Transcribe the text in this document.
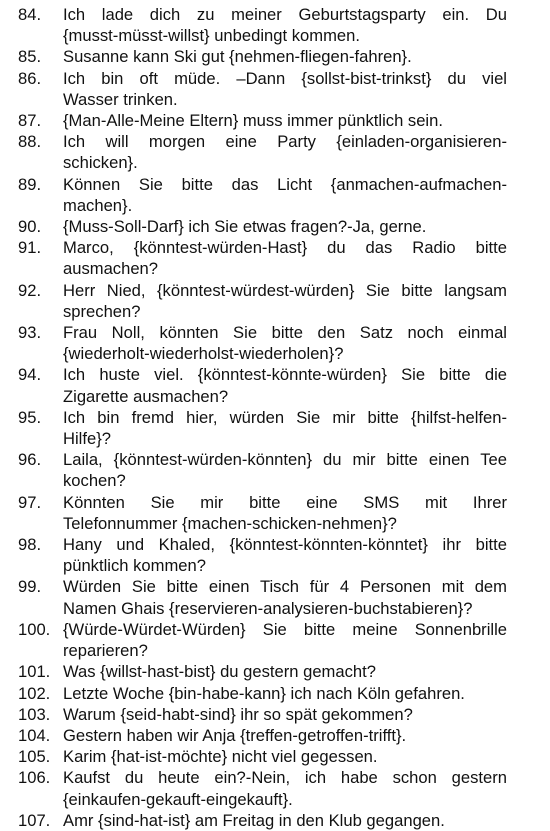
84.	Ich lade dich zu meiner Geburtstagsparty ein. Du
{musst-müsst-willst} unbedingt kommen.
85.	Susanne kann Ski gut {nehmen-fliegen-fahren}.
86.	Ich bin oft müde. –Dann {sollst-bist-trinkst} du viel
Wasser trinken.
87.	{Man-Alle-Meine Eltern} muss immer pünktlich sein.
88.	Ich will morgen eine Party {einladen-organisieren-
schicken}.
89.	Können Sie bitte das Licht {anmachen-aufmachen-
machen}.
90.	{Muss-Soll-Darf} ich Sie etwas fragen?-Ja, gerne.
91.	Marco, {könntest-würden-Hast} du das Radio bitte
ausmachen?
92.	Herr Nied, {könntest-würdest-würden} Sie bitte langsam
sprechen?
93.	Frau Noll, könnten Sie bitte den Satz noch einmal
{wiederholt-wiederholst-wiederholen}?
94.	Ich huste viel. {könntest-könnte-würden} Sie bitte die
Zigarette ausmachen?
95.	Ich bin fremd hier, würden Sie mir bitte {hilfst-helfen-
Hilfe}?
96.	Laila, {könntest-würden-könnten} du mir bitte einen Tee
kochen?
97.	Könnten Sie mir bitte eine SMS mit Ihrer
Telefonnummer {machen-schicken-nehmen}?
98.	Hany und Khaled, {könntest-könnten-könntet} ihr bitte
pünktlich kommen?
99.	Würden Sie bitte einen Tisch für 4 Personen mit dem
Namen Ghais {reservieren-analysieren-buchstabieren}?
100. {Würde-Würdet-Würden} Sie bitte meine Sonnenbrille
reparieren?
101. Was {willst-hast-bist} du gestern gemacht?
102. Letzte Woche {bin-habe-kann} ich nach Köln gefahren.
103. Warum {seid-habt-sind} ihr so spät gekommen?
104. Gestern haben wir Anja {treffen-getroffen-trifft}.
105. Karim {hat-ist-möchte} nicht viel gegessen.
106. Kaufst du heute ein?-Nein, ich habe schon gestern
{einkaufen-gekauft-eingekauft}.
107. Amr {sind-hat-ist} am Freitag in den Klub gegangen.
